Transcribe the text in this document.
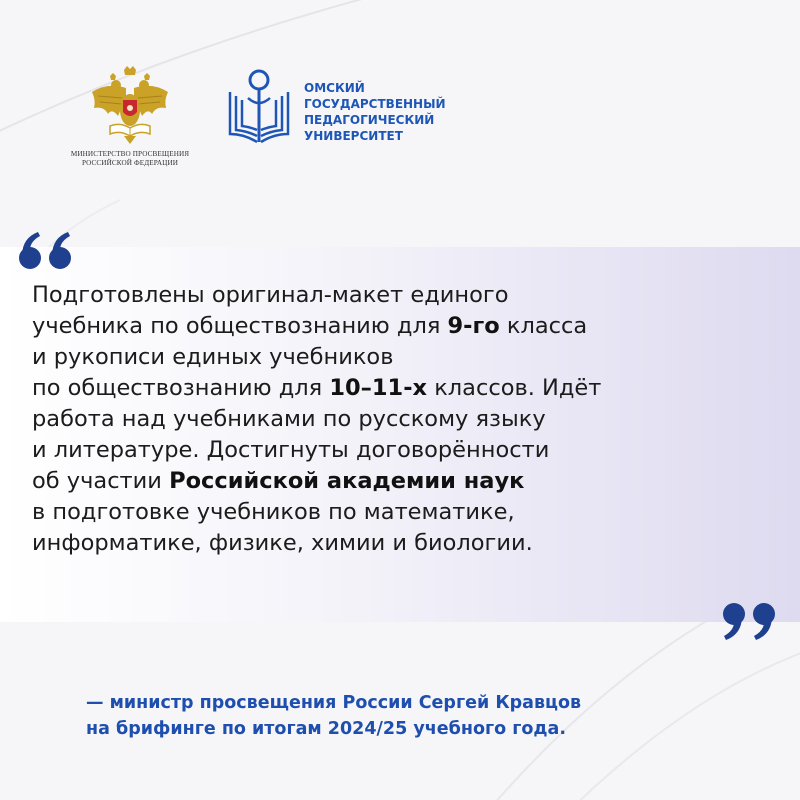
МИНИСТЕРСТВО ПРОСВЕЩЕНИЯ
РОССИЙСКОЙ ФЕДЕРАЦИИ
ОМСКИЙ
ГОСУДАРСТВЕННЫЙ
ПЕДАГОГИЧЕСКИЙ
УНИВЕРСИТЕТ
Подготовлены оригинал-макет единого
учебника по обществознанию для 9-го класса
и рукописи единых учебников
по обществознанию для 10–11-х классов. Идёт
работа над учебниками по русскому языку
и литературе. Достигнуты договорённости
об участии Российской академии наук
в подготовке учебников по математике,
информатике, физике, химии и биологии.
— министр просвещения России Сергей Кравцов
на брифинге по итогам 2024/25 учебного года.
